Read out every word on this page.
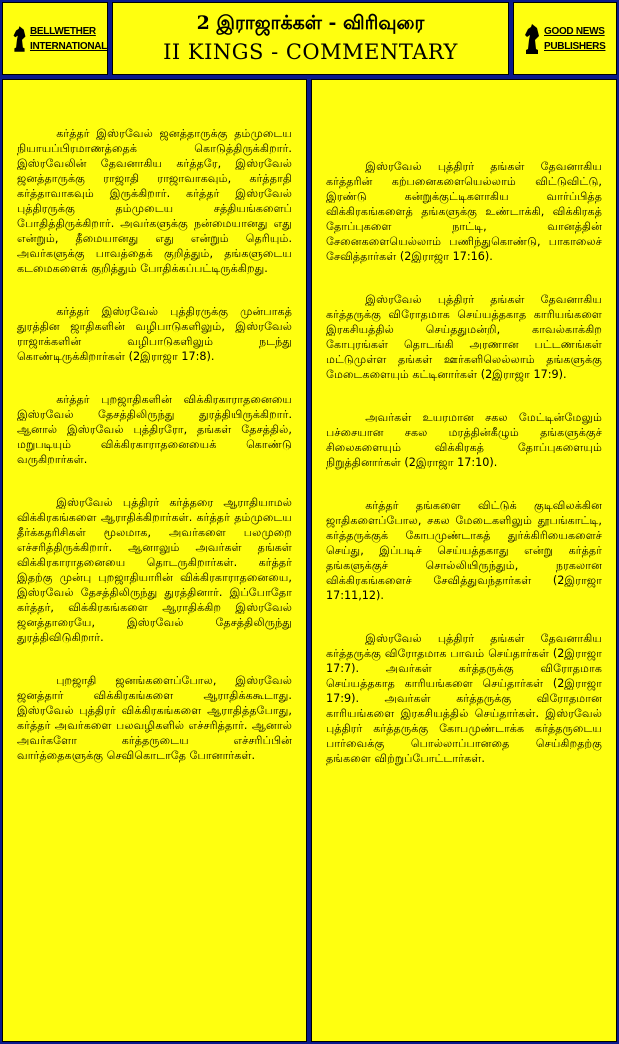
BELLWETHER
INTERNATIONAL
2 இராஜாக்கள் - விரிவுரை
II KINGS - COMMENTARY
GOOD NEWS
PUBLISHERS

கர்த்தர் இஸ்ரவேல் ஜனத்தாருக்கு தம்முடைய நியாயப்பிரமாணத்தைக் கொடுத்திருக்கிறார். இஸ்ரவேலின் தேவனாகிய கர்த்தரே, இஸ்ரவேல் ஜனத்தாருக்கு ராஜாதி ராஜாவாகவும், கர்த்தாதி கர்த்தாவாகவும் இருக்கிறார். கர்த்தர் இஸ்ரவேல் புத்திரருக்கு தம்முடைய சத்தியங்களைப் போதித்திருக்கிறார். அவர்களுக்கு நன்மையானது எது என்றும், தீமையானது எது என்றும் தெரியும். அவர்களுக்கு பாவத்தைக் குறித்தும், தங்களுடைய கடமைகளைக் குறித்தும் போதிக்கப்பட்டிருக்கிறது.

கர்த்தர் இஸ்ரவேல் புத்திரருக்கு முன்பாகத் துரத்தின ஜாதிகளின் வழிபாடுகளிலும், இஸ்ரவேல் ராஜாக்களின் வழிபாடுகளிலும் நடந்து கொண்டிருக்கிறார்கள் (2இராஜா 17:8).

கர்த்தர் புறஜாதிகளின் விக்கிரகாராதனையை இஸ்ரவேல் தேசத்திலிருந்து துரத்தியிருக்கிறார். ஆனால் இஸ்ரவேல் புத்திரரோ, தங்கள் தேசத்தில், மறுபடியும் விக்கிரகாராதனையைக் கொண்டு வருகிறார்கள்.

இஸ்ரவேல் புத்திரர் கர்த்தரை ஆராதியாமல் விக்கிரகங்களை ஆராதிக்கிறார்கள். கர்த்தர் தம்முடைய தீர்க்கதரிசிகள் மூலமாக, அவர்களை பலமுறை எச்சரித்திருக்கிறார். ஆனாலும் அவர்கள் தங்கள் விக்கிரகாராதனையை தொடருகிறார்கள். கர்த்தர் இதற்கு முன்பு புறஜாதியாரின் விக்கிரகாராதனையை, இஸ்ரவேல் தேசத்திலிருந்து துரத்தினார். இப்போதோ கர்த்தர், விக்கிரகங்களை ஆராதிக்கிற இஸ்ரவேல் ஜனத்தாரையே, இஸ்ரவேல் தேசத்திலிருந்து துரத்திவிடுகிறார்.

புறஜாதி ஜனங்களைப்போல, இஸ்ரவேல் ஜனத்தார் விக்கிரகங்களை ஆராதிக்ககூடாது. இஸ்ரவேல் புத்திரர் விக்கிரகங்களை ஆராதித்தபோது, கர்த்தர் அவர்களை பலவழிகளில் எச்சரித்தார். ஆனால் அவர்களோ கர்த்தருடைய எச்சரிப்பின் வார்த்தைகளுக்கு செவிகொடாதே போனார்கள்.

இஸ்ரவேல் புத்திரர் தங்கள் தேவனாகிய கர்த்தரின் கற்பனைகளையெல்லாம் விட்டுவிட்டு, இரண்டு கன்றுக்குட்டிகளாகிய வார்ப்பித்த விக்கிரகங்களைத் தங்களுக்கு உண்டாக்கி, விக்கிரகத் தோப்புகளை நாட்டி, வானத்தின் சேனைகளையெல்லாம் பணிந்துகொண்டு, பாகாலைச் சேவித்தார்கள் (2இராஜா 17:16).

இஸ்ரவேல் புத்திரர் தங்கள் தேவனாகிய கர்த்தருக்கு விரோதமாக செய்யத்தகாத காரியங்களை இரகசியத்தில் செய்ததுமன்றி, காவல்காக்கிற கோபுரங்கள் தொடங்கி அரணான பட்டணங்கள் மட்டுமுள்ள தங்கள் ஊர்களிலெல்லாம் தங்களுக்கு மேடைகளையும் கட்டினார்கள் (2இராஜா 17:9).

அவர்கள் உயரமான சகல மேட்டின்மேலும் பச்சையான சகல மரத்தின்கீழும் தங்களுக்குச் சிலைகளையும் விக்கிரகத் தோப்புகளையும் நிறுத்தினார்கள் (2இராஜா 17:10).

கர்த்தர் தங்களை விட்டுக் குடிவிலக்கின ஜாதிகளைப்போல, சகல மேடைகளிலும் தூபங்காட்டி, கர்த்தருக்குக் கோபமுண்டாகத் துர்க்கிரியைகளைச் செய்து, இப்படிச் செய்யத்தகாது என்று கர்த்தர் தங்களுக்குச் சொல்லியிருந்தும், நரகலான விக்கிரகங்களைச் சேவித்துவந்தார்கள் (2இராஜா 17:11,12).

இஸ்ரவேல் புத்திரர் தங்கள் தேவனாகிய கர்த்தருக்கு விரோதமாக பாவம் செய்தார்கள் (2இராஜா 17:7). அவர்கள் கர்த்தருக்கு விரோதமாக செய்யத்தகாத காரியங்களை செய்தார்கள் (2இராஜா 17:9). அவர்கள் கர்த்தருக்கு விரோதமான காரியங்களை இரகசியத்தில் செய்தார்கள். இஸ்ரவேல் புத்திரர் கர்த்தருக்கு கோபமுண்டாக்க கர்த்தருடைய பார்வைக்கு பொல்லாப்பானதை செய்கிறதற்கு தங்களை விற்றுப்போட்டார்கள்.
